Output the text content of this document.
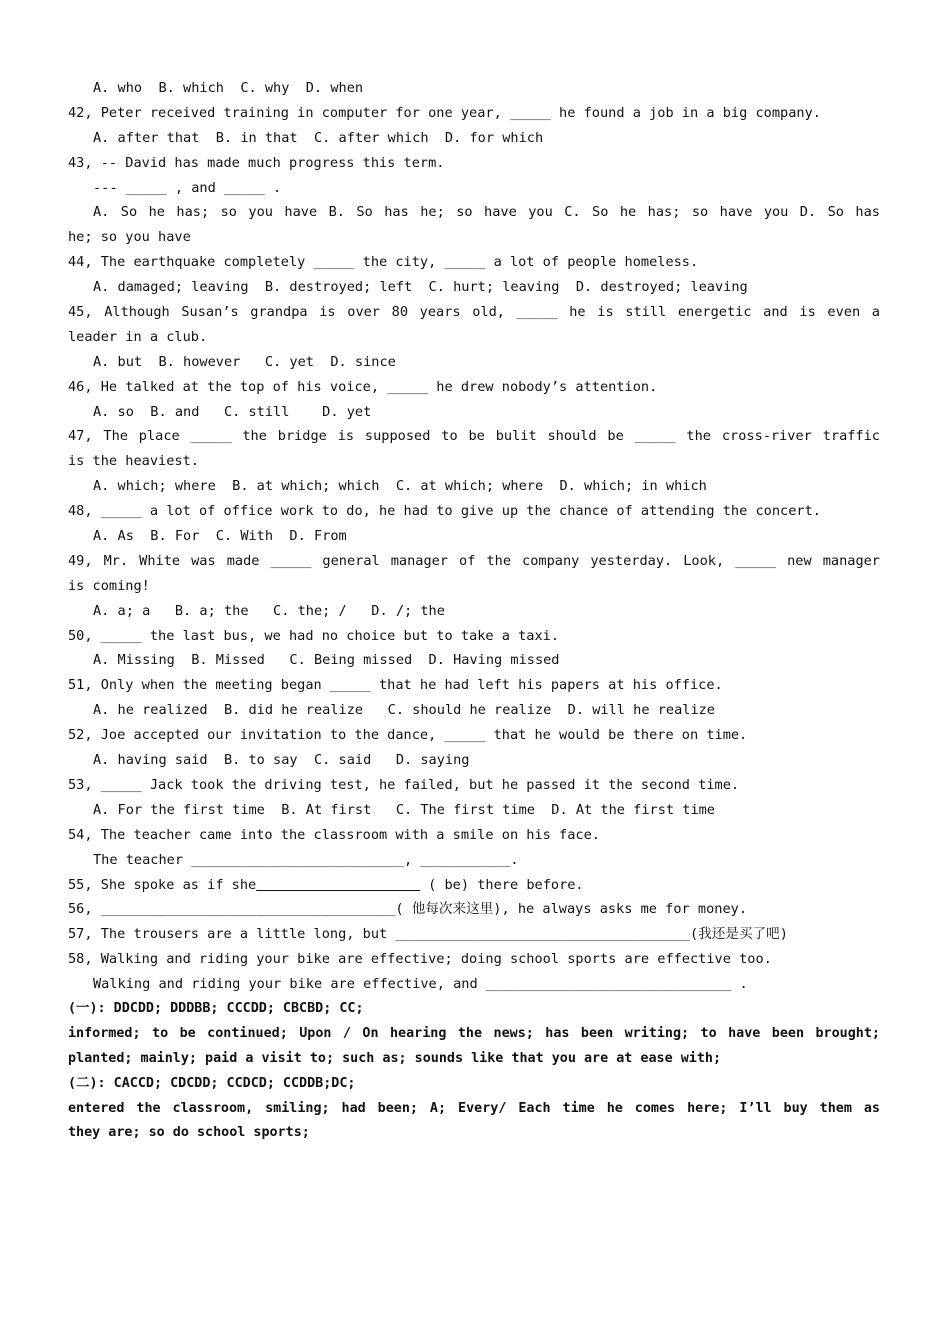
A. who  B. which  C. why  D. when
42, Peter received training in computer for one year, _____ he found a job in a big company.
A. after that  B. in that  C. after which  D. for which
43, -- David has made much progress this term.
--- _____ , and _____ .
A. So he has; so you have B. So has he; so have you C. So he has; so have you D. So has
he; so you have
44, The earthquake completely _____ the city, _____ a lot of people homeless.
A. damaged; leaving  B. destroyed; left  C. hurt; leaving  D. destroyed; leaving
45, Although Susan’s grandpa is over 80 years old, _____ he is still energetic and is even a
leader in a club.
A. but  B. however   C. yet  D. since
46, He talked at the top of his voice, _____ he drew nobody’s attention.
A. so  B. and   C. still    D. yet
47, The place _____ the bridge is supposed to be bulit should be _____ the cross-river traffic
is the heaviest.
A. which; where  B. at which; which  C. at which; where  D. which; in which
48, _____ a lot of office work to do, he had to give up the chance of attending the concert.
A. As  B. For  C. With  D. From
49, Mr. White was made _____ general manager of the company yesterday. Look, _____ new manager
is coming!
A. a; a   B. a; the   C. the; /   D. /; the
50, _____ the last bus, we had no choice but to take a taxi.
A. Missing  B. Missed   C. Being missed  D. Having missed
51, Only when the meeting began _____ that he had left his papers at his office.
A. he realized  B. did he realize   C. should he realize  D. will he realize
52, Joe accepted our invitation to the dance, _____ that he would be there on time.
A. having said  B. to say  C. said   D. saying
53, _____ Jack took the driving test, he failed, but he passed it the second time.
A. For the first time  B. At first   C. The first time  D. At the first time
54, The teacher came into the classroom with a smile on his face.
The teacher __________________________, ___________.
55, She spoke as if she	( be) there before.
56, ____________________________________( 他每次来这里), he always asks me for money.
57, The trousers are a little long, but ____________________________________(我还是买了吧)
58, Walking and riding your bike are effective; doing school sports are effective too.
Walking and riding your bike are effective, and ______________________________ .
(一): DDCDD; DDDBB; CCCDD; CBCBD; CC;
informed; to be continued; Upon / On hearing the news; has been writing; to have been brought;
planted; mainly; paid a visit to; such as; sounds like that you are at ease with;
(二): CACCD; CDCDD; CCDCD; CCDDB;DC;
entered the classroom, smiling; had been; A; Every/ Each time he comes here; I’ll buy them as
they are; so do school sports;
